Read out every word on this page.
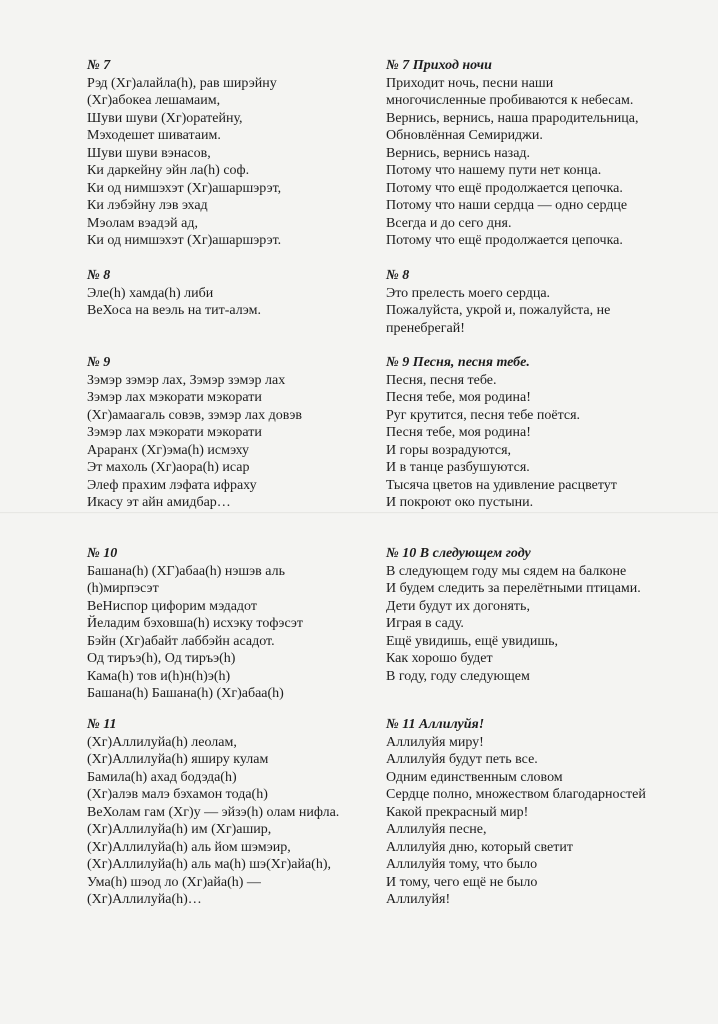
№ 7
Рэд (Хг)алайла(h), рав ширэйну
(Хг)абокеа лешамаим,
Шуви шуви (Хг)оратейну,
Мэходешет шиватаим.
Шуви шуви вэнасов,
Ки даркейну эйн ла(h) соф.
Ки од нимшэхэт (Хг)ашаршэрэт,
Ки лэбэйну лэв эхад
Мэолам вэадэй ад,
Ки од нимшэхэт (Хг)ашаршэрэт.
№ 8
Эле(h) хамда(h) либи
ВеХоса на веэль на тит-алэм.
№ 9
Зэмэр зэмэр лах, Зэмэр зэмэр лах
Зэмэр лах мэкорати мэкорати
(Хг)амаагаль совэв, зэмэр лах довэв
Зэмэр лах мэкорати мэкорати
Араранх (Хг)эма(h) исмэху
Эт махоль (Хг)аора(h) исар
Элеф прахим лэфата ифраху
Икасу эт айн амидбар…
№ 10
Башана(h) (ХГ)абаа(h) нэшэв аль
(h)мирпэсэт
ВеНиспор цифорим мэдадот
Йеладим бэховша(h) исхэку тофэсэт
Бэйн (Хг)абайт лаббэйн асадот.
Од тиръэ(h), Од тиръэ(h)
Кама(h) тов и(h)н(h)э(h)
Башана(h) Башана(h) (Хг)абаа(h)
№ 11
(Хг)Аллилуйа(h) леолам,
(Хг)Аллилуйа(h) яширу кулам
Бамила(h) ахад бодэда(h)
(Хг)алэв малэ бэхамон тода(h)
ВеХолам гам (Хг)у — эйзэ(h) олам нифла.
(Хг)Аллилуйа(h) им (Хг)ашир,
(Хг)Аллилуйа(h) аль йом шэмэир,
(Хг)Аллилуйа(h) аль ма(h) шэ(Хг)айа(h),
Ума(h) шэод ло (Хг)айа(h) —
(Хг)Аллилуйа(h)…
№ 7 Приход ночи
Приходит ночь, песни наши
многочисленные пробиваются к небесам.
Вернись, вернись, наша прародительница,
Обновлённая Семириджи.
Вернись, вернись назад.
Потому что нашему пути нет конца.
Потому что ещё продолжается цепочка.
Потому что наши сердца — одно сердце
Всегда и до сего дня.
Потому что ещё продолжается цепочка.
№ 8
Это прелесть моего сердца.
Пожалуйста, укрой и, пожалуйста, не
пренебрегай!
№ 9 Песня, песня тебе.
Песня, песня тебе.
Песня тебе, моя родина!
Руг крутится, песня тебе поётся.
Песня тебе, моя родина!
И горы возрадуются,
И в танце разбушуются.
Тысяча цветов на удивление расцветут
И покроют око пустыни.
№ 10 В следующем году
В следующем году мы сядем на балконе
И будем следить за перелётными птицами.
Дети будут их догонять,
Играя в саду.
Ещё увидишь, ещё увидишь,
Как хорошо будет
В году, году следующем
№ 11 Аллилуйя!
Аллилуйя миру!
Аллилуйя будут петь все.
Одним единственным словом
Сердце полно, множеством благодарностей
Какой прекрасный мир!
Аллилуйя песне,
Аллилуйя дню, который светит
Аллилуйя тому, что было
И тому, чего ещё не было
Аллилуйя!
